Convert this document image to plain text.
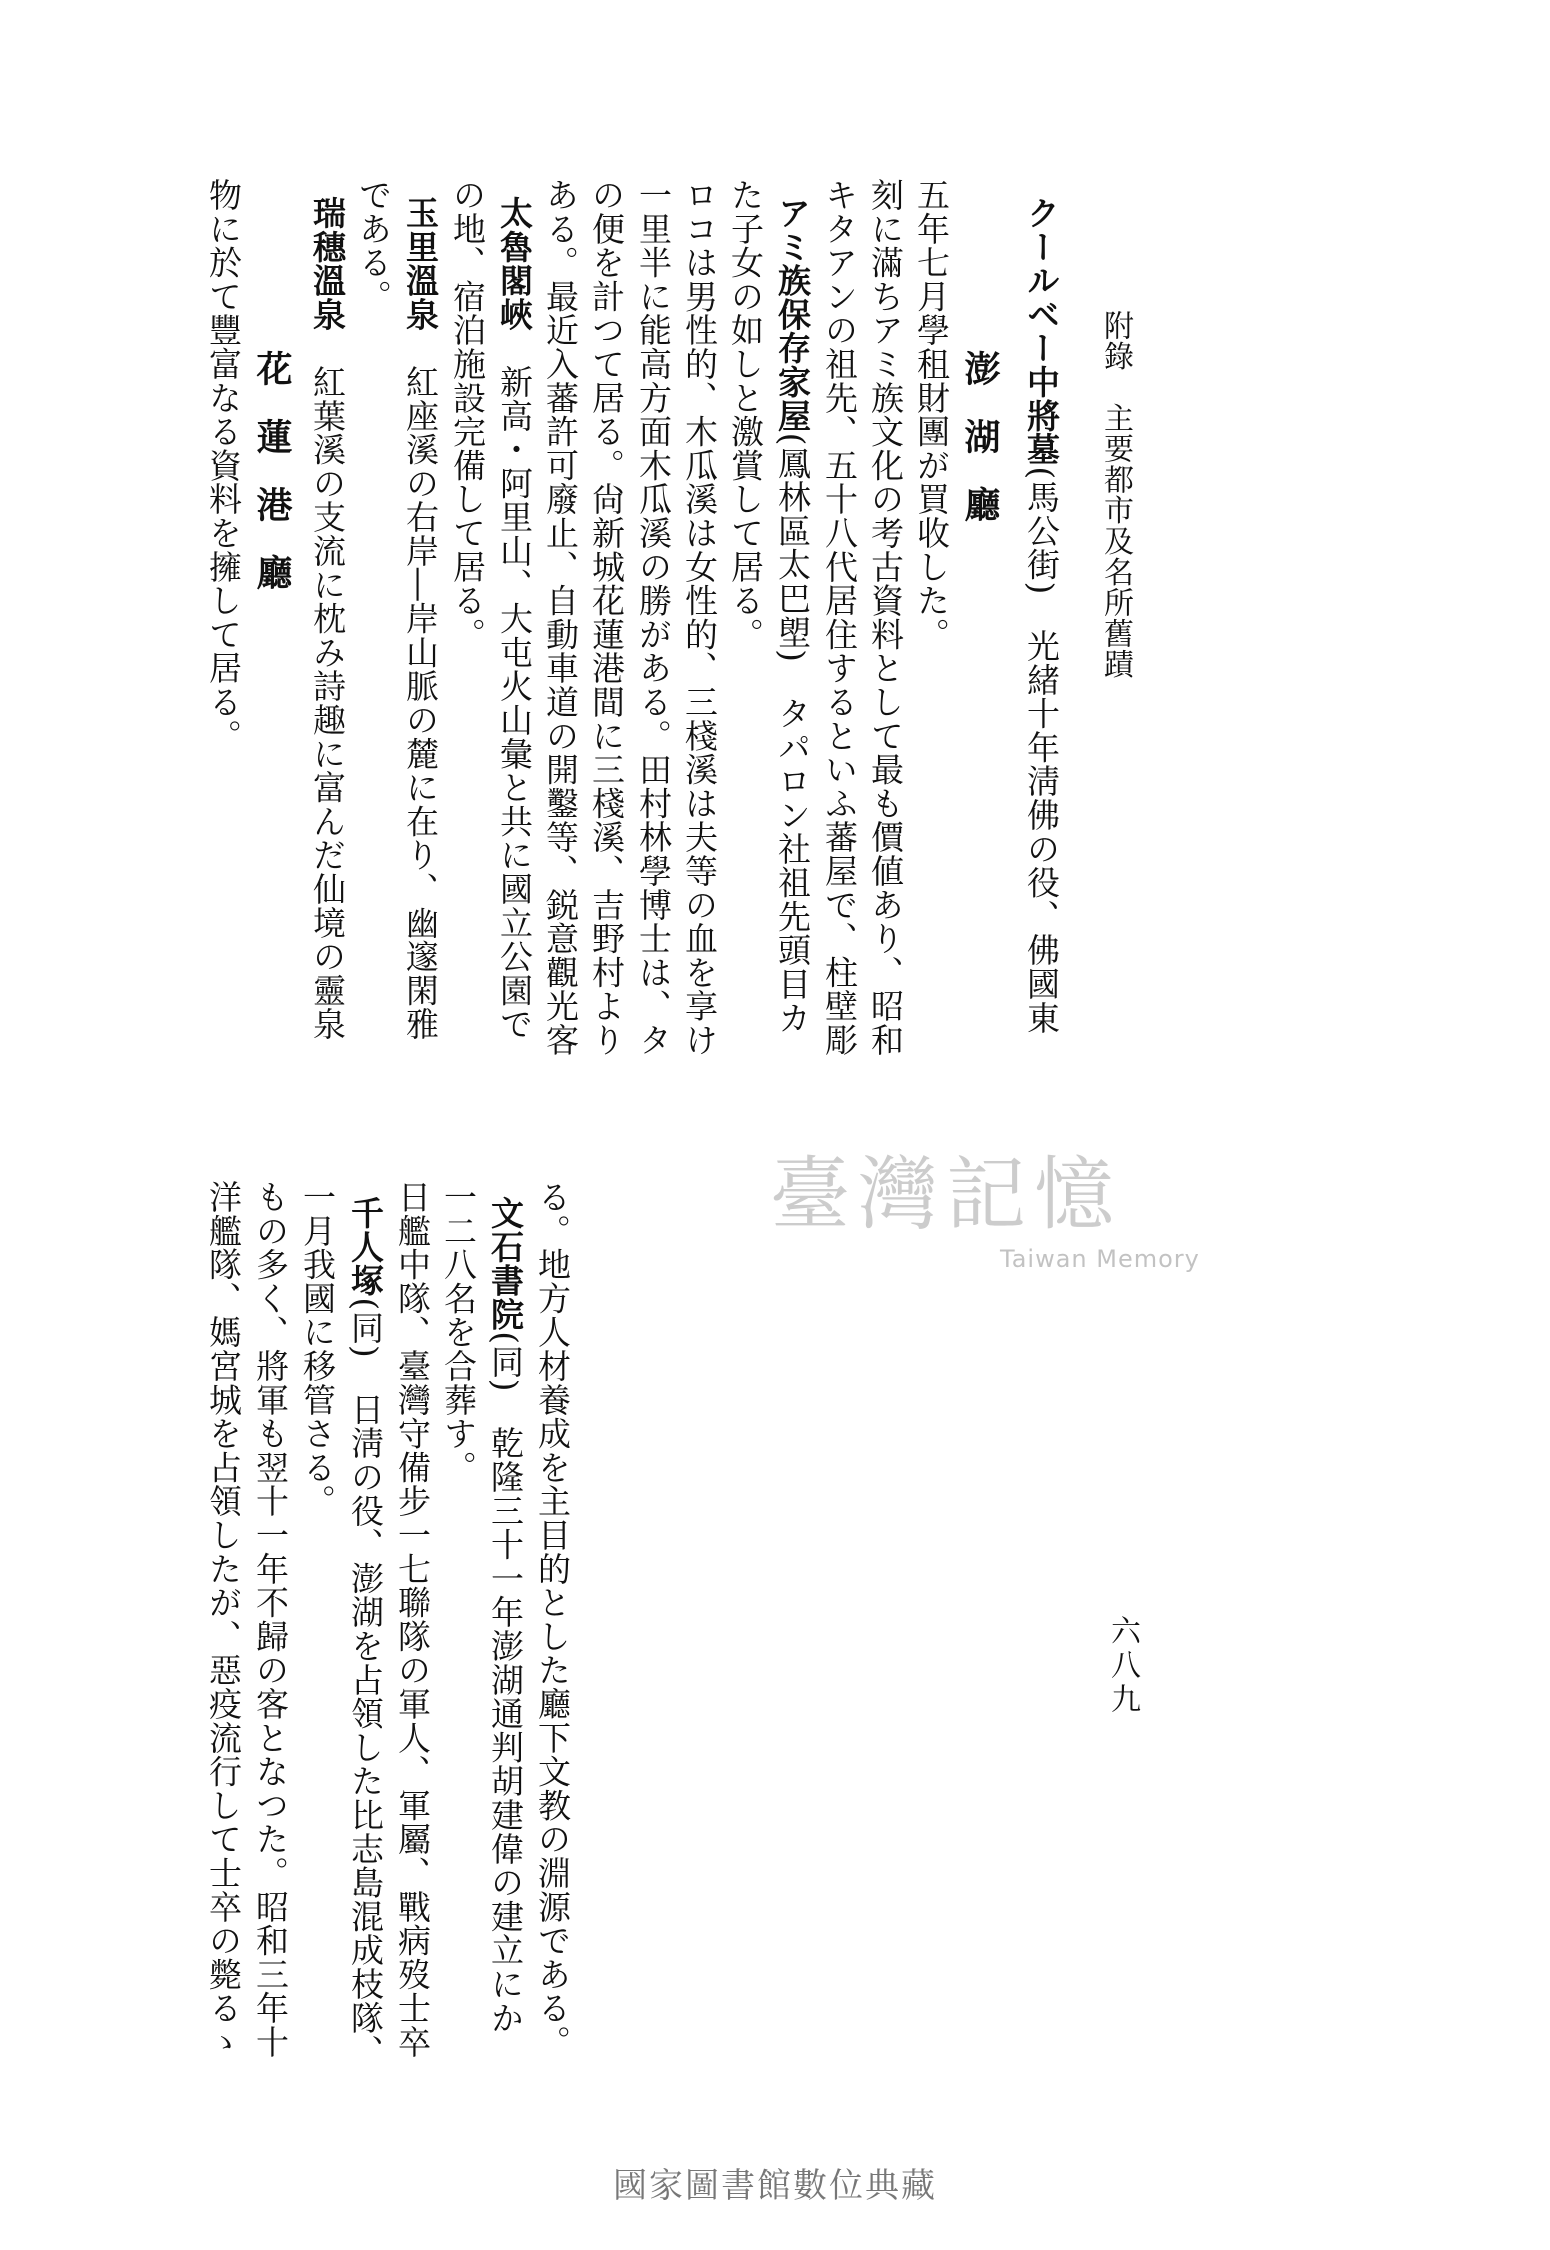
物に於て豐富なる資料を擁して居る。 花蓮港廳
瑞穗溫泉　紅葉溪の支流に枕み詩趣に富んだ仙境の靈泉
である。 玉里溫泉　紅座溪の右岸―岸山脈の麓に在り、幽邃閑雅 の地、宿泊施設完備して居る。 太魯閣峽　新高・阿里山、大屯火山彙と共に國立公園で ある。最近入蕃許可廢止、自動車道の開鑿等、鋭意觀光客 の便を計つて居る。尙新城花蓮港間に三棧溪、吉野村より 一里半に能高方面木瓜溪の勝がある。田村林學博士は、タ ロコは男性的、木瓜溪は女性的、三棧溪は夫等の血を享け た子女の如しと激賞して居る。 アミ族保存家屋(鳳林區太巴塱)　タパロン社祖先頭目カ キタアンの祖先、五十八代居住するといふ蕃屋で、柱壁彫 刻に滿ちアミ族文化の考古資料として最も價値あり、昭和 五年七月學租財團が買收した。 澎湖廳 クールベー中將墓(馬公街)　光緒十年淸佛の役、佛國東 附錄　主要都市及名所舊蹟
臺灣記憶
Taiwan Memory
洋艦隊、媽宮城を占領したが、惡疫流行して士卒の斃るゝ もの多く、將軍も翌十一年不歸の客となつた。昭和三年十 一月我國に移管さる。 千人塚(同)　日淸の役、澎湖を占領した比志島混成枝隊、 日艦中隊、臺灣守備步一七聯隊の軍人、軍屬、戰病歿士卒 一二八名を合葬す。 文石書院(同)　乾隆三十一年澎湖通判胡建偉の建立にか る。地方人材養成を主目的とした廳下文教の淵源である。	六八九
國家圖書館數位典藏
